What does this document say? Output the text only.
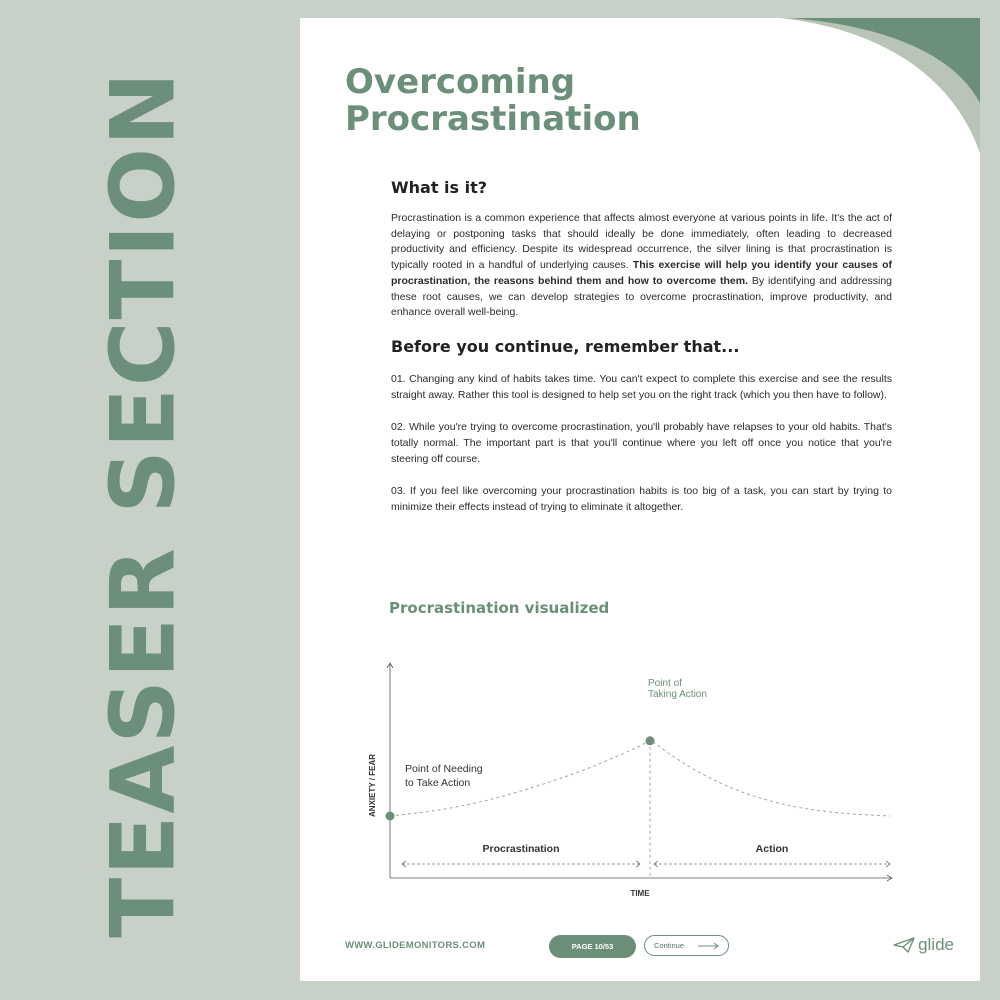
TEASER SECTION	Overcoming
Procrastination
What is it?

Procrastination is a common experience that affects almost everyone at various points in life. It's the act of delaying or postponing tasks that should ideally be done immediately, often leading to decreased productivity and efficiency. Despite its widespread occurrence, the silver lining is that procrastination is typically rooted in a handful of underlying causes. This exercise will help you identify your causes of procrastination, the reasons behind them and how to overcome them. By identifying and addressing these root causes, we can develop strategies to overcome procrastination, improve productivity, and enhance overall well-being.

Before you continue, remember that...

01. Changing any kind of habits takes time. You can't expect to complete this exercise and see the results straight away. Rather this tool is designed to help set you on the right track (which you then have to follow).

02. While you're trying to overcome procrastination, you'll probably have relapses to your old habits. That's totally normal. The important part is that you'll continue where you left off once you notice that you're steering off course.

03. If you feel like overcoming your procrastination habits is too big of a task, you can start by trying to minimize their effects instead of trying to eliminate it altogether.

Procrastination visualized
Point of Needing
to Take Action
Point of
Taking Action
Procrastination	Action
TIME
ANXIETY / FEAR
WWW.GLIDEMONITORS.COM	PAGE 10/53	Continue	glide
